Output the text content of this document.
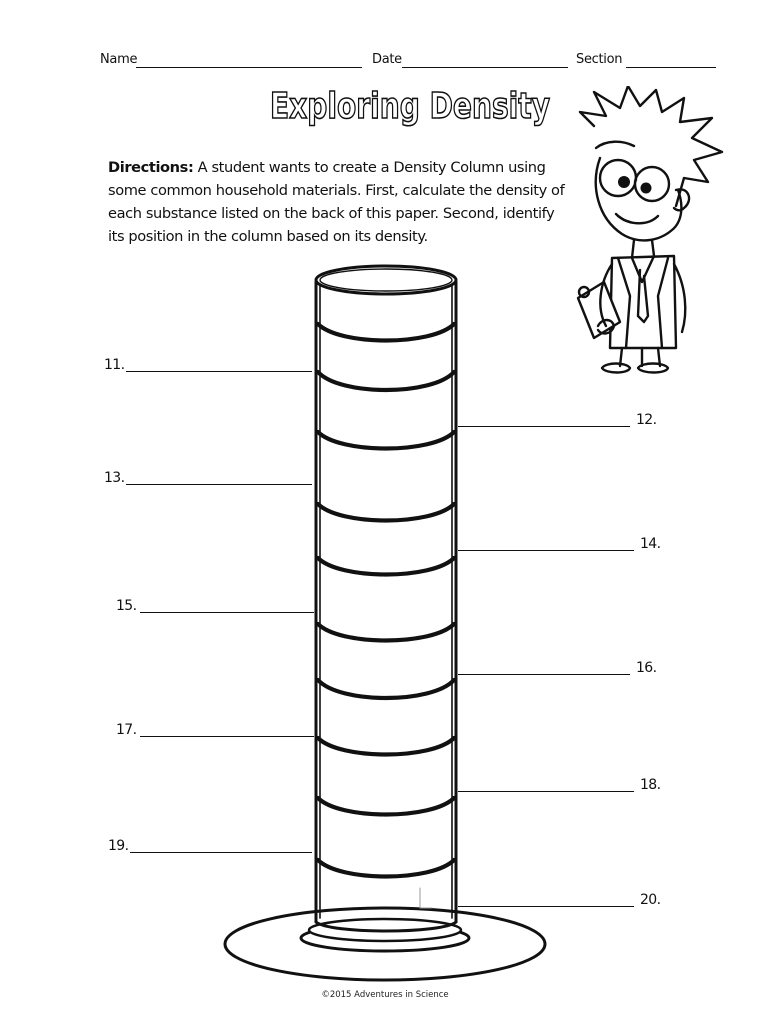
Name	Date	Section
Exploring Density
Directions: A student wants to create a Density Column using some common household materials. First, calculate the density of each substance listed on the back of this paper. Second, identify its position in the column based on its density.
11.
13.
15.
17.
19.
12.
14.
16.
18.
20.
©2015 Adventures in Science
